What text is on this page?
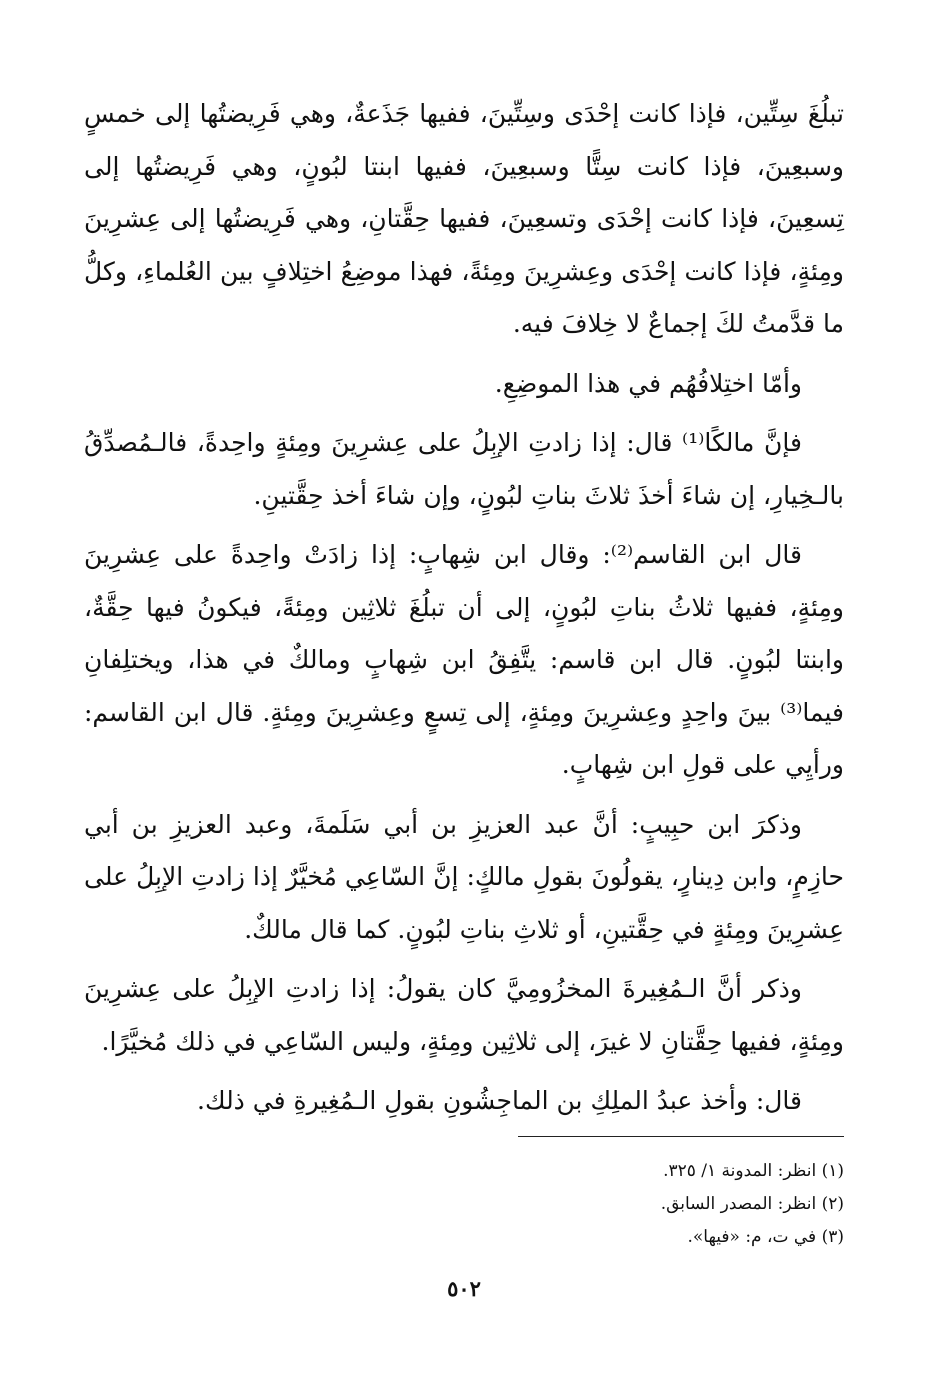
تبلُغَ سِتِّين، فإذا كانت إحْدَى وسِتِّينَ، ففيها جَذَعةٌ، وهي فَرِيضتُها إلى خمسٍ وسبعِينَ، فإذا كانت سِتًّا وسبعِينَ، ففيها ابنتا لبُونٍ، وهي فَرِيضتُها إلى تِسعِينَ، فإذا كانت إحْدَى وتسعِينَ، ففيها حِقَّتانِ، وهي فَرِيضتُها إلى عِشرِينَ ومِئةٍ، فإذا كانت إحْدَى وعِشرِينَ ومِئةً، فهذا موضِعُ اختِلافٍ بين العُلماءِ، وكلُّ ما قدَّمتُ لكَ إجماعٌ لا خِلافَ فيه.

وأمّا اختِلافُهُم في هذا الموضِعِ.

فإنَّ مالكًا⁽¹⁾ قال: إذا زادتِ الإبِلُ على عِشرِينَ ومِئةٍ واحِدةً، فالـمُصدِّقُ بالـخِيارِ، إن شاءَ أخذَ ثلاثَ بناتِ لبُونٍ، وإن شاءَ أخذ حِقَّتينِ.

قال ابن القاسم⁽²⁾: وقال ابن شِهابٍ: إذا زادَتْ واحِدةً على عِشرِينَ ومِئةٍ، ففيها ثلاثُ بناتِ لبُونٍ، إلى أن تبلُغَ ثلاثِين ومِئةً، فيكونُ فيها حِقَّةٌ، وابنتا لبُونٍ. قال ابن قاسم: يتَّفِقُ ابن شِهابٍ ومالكٌ في هذا، ويختلِفانِ فيما⁽³⁾ بينَ واحِدٍ وعِشرِينَ ومِئةٍ، إلى تِسعٍ وعِشرِينَ ومِئةٍ. قال ابن القاسم: ورأيِي على قولِ ابن شِهابٍ.

وذكرَ ابن حبِيبٍ: أنَّ عبد العزيزِ بن أبي سَلَمةَ، وعبد العزيزِ بن أبي حازِمٍ، وابن دِينارٍ، يقولُونَ بقولِ مالكٍ: إنَّ السّاعِي مُخيَّرٌ إذا زادتِ الإبِلُ على عِشرِينَ ومِئةٍ في حِقَّتينِ، أو ثلاثِ بناتِ لبُونٍ. كما قال مالكٌ.

وذكر أنَّ الـمُغِيرةَ المخزُومِيَّ كان يقولُ: إذا زادتِ الإبِلُ على عِشرِينَ ومِئةٍ، ففيها حِقَّتانِ لا غيرَ، إلى ثلاثِين ومِئةٍ، وليس السّاعِي في ذلك مُخيَّرًا.

قال: وأخذ عبدُ الملِكِ بن الماجِشُونِ بقولِ الـمُغِيرةِ في ذلك.

(١) انظر: المدونة ١/ ٣٢٥.
(٢) انظر: المصدر السابق.
(٣) في ت، م: «فيها».
٥٠٢
